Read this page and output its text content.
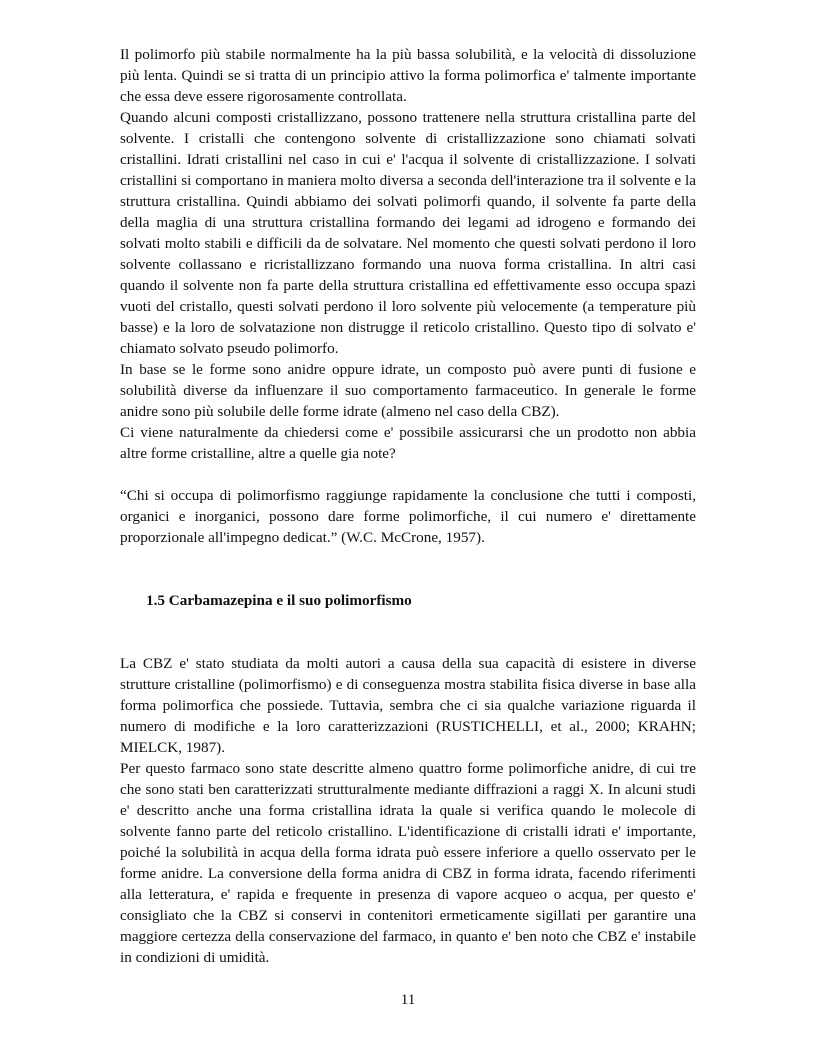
Il polimorfo più stabile normalmente ha la più bassa solubilità, e la velocità di dissoluzione più lenta. Quindi se si tratta di un principio attivo la forma polimorfica e' talmente importante che essa deve essere rigorosamente controllata.

Quando alcuni composti cristallizzano, possono trattenere nella struttura cristallina parte del solvente. I cristalli che contengono solvente di cristallizzazione sono chiamati solvati cristallini. Idrati cristallini nel caso in cui e' l'acqua il solvente di cristallizzazione. I solvati cristallini si comportano in maniera molto diversa a seconda dell'interazione tra il solvente e la struttura cristallina. Quindi abbiamo dei solvati polimorfi quando, il solvente fa parte della della maglia di una struttura cristallina formando dei legami ad idrogeno e formando dei solvati molto stabili e difficili da de solvatare. Nel momento che questi solvati perdono il loro solvente collassano e ricristallizzano formando una nuova forma cristallina. In altri casi quando il solvente non fa parte della struttura cristallina ed effettivamente esso occupa spazi vuoti del cristallo, questi solvati perdono il loro solvente più velocemente (a temperature più basse) e la loro de solvatazione non distrugge il reticolo cristallino. Questo tipo di solvato e' chiamato solvato pseudo polimorfo.

In base se le forme sono anidre oppure idrate, un composto può avere punti di fusione e solubilità diverse da influenzare il suo comportamento farmaceutico. In generale le forme anidre sono più solubile delle forme idrate (almeno nel caso della CBZ).

Ci viene naturalmente da chiedersi come e' possibile assicurarsi che un prodotto non abbia altre forme cristalline, altre a quelle gia note?

“Chi si occupa di polimorfismo raggiunge rapidamente la conclusione che tutti i composti, organici e inorganici, possono dare forme polimorfiche, il cui numero e' direttamente proporzionale all'impegno dedicat.” (W.C. McCrone, 1957).

1.5 Carbamazepina e il suo polimorfismo

La CBZ e' stato studiata da molti autori a causa della sua capacità di esistere in diverse strutture cristalline (polimorfismo) e di conseguenza mostra stabilita fisica diverse in base alla forma polimorfica che possiede. Tuttavia, sembra che ci sia qualche variazione riguarda il numero di modifiche e la loro caratterizzazioni (RUSTICHELLI, et al., 2000; KRAHN; MIELCK, 1987).

Per questo farmaco sono state descritte almeno quattro forme polimorfiche anidre, di cui tre che sono stati ben caratterizzati strutturalmente mediante diffrazioni a raggi X. In alcuni studi e' descritto anche una forma cristallina idrata la quale si verifica quando le molecole di solvente fanno parte del reticolo cristallino. L'identificazione di cristalli idrati e' importante, poiché la solubilità in acqua della forma idrata può essere inferiore a quello osservato per le forme anidre. La conversione della forma anidra di CBZ in forma idrata, facendo riferimenti alla letteratura, e' rapida e frequente in presenza di vapore acqueo o acqua, per questo e' consigliato che la CBZ si conservi in contenitori ermeticamente sigillati per garantire una maggiore certezza della conservazione del farmaco, in quanto e' ben noto che CBZ e' instabile in condizioni di umidità.

11
